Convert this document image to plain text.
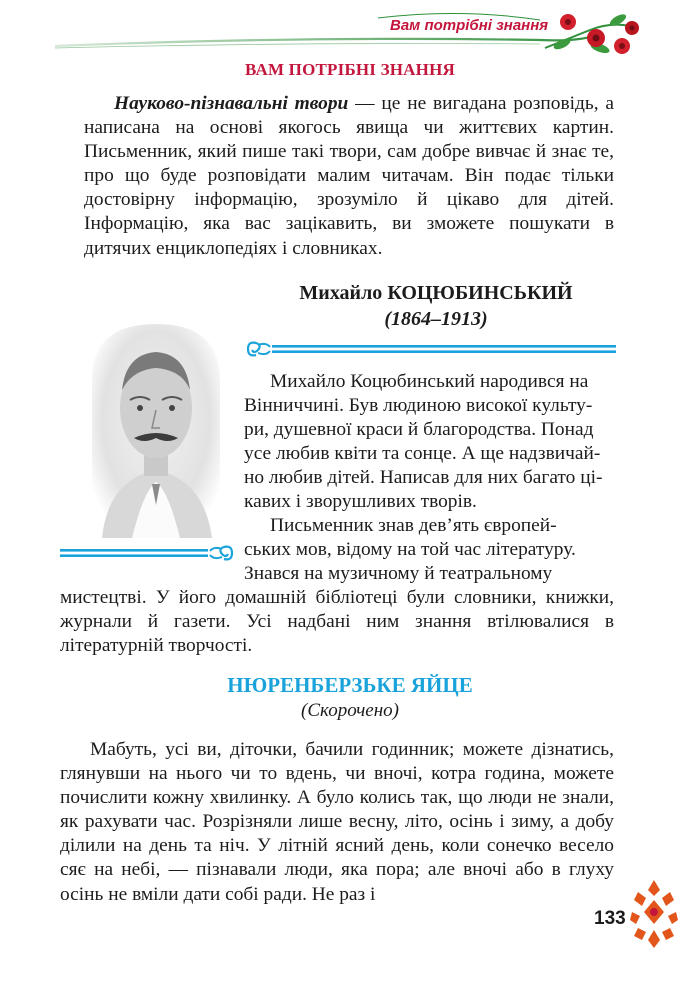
Вам потрібні знання
ВАМ ПОТРІБНІ ЗНАННЯ

Науково-пізнавальні твори — це не вигадана розповідь, а написана на основі якогось явища чи життєвих картин. Письменник, який пише такі твори, сам добре вивчає й знає те, про що буде розповідати малим читачам. Він подає тільки достовірну інформацію, зрозуміло й цікаво для дітей. Інформацію, яка вас зацікавить, ви зможете пошукати в дитячих енциклопедіях і словниках.

Михайло КОЦЮБИНСЬКИЙ
(1864–1913)
Михайло Коцюбинський народився на
Вінниччині. Був людиною високої культу-
ри, душевної краси й благородства. Понад
усе любив квіти та сонце. А ще надзвичай-
но любив дітей. Написав для них багато ці-
кавих і зворушливих творів.
Письменник знав дев’ять європей-
ських мов, відому на той час літературу.
Знався на музичному й театральному

мистецтві. У його домашній бібліотеці були словники, книжки, журнали й газети. Усі надбані ним знання втілювалися в літературній творчості.

НЮРЕНБЕРЗЬКЕ ЯЙЦЕ
(Скорочено)

Мабуть, усі ви, діточки, бачили годинник; можете дізнатись, глянувши на нього чи то вдень, чи вночі, котра година, можете почислити кожну хвилинку. А було колись так, що люди не знали, як рахувати час. Розрізняли лише весну, літо, осінь і зиму, а добу ділили на день та ніч. У літній ясний день, коли сонечко весело сяє на небі, — пізнавали люди, яка пора; але вночі або в глуху осінь не вміли дати собі ради. Не раз і

133
